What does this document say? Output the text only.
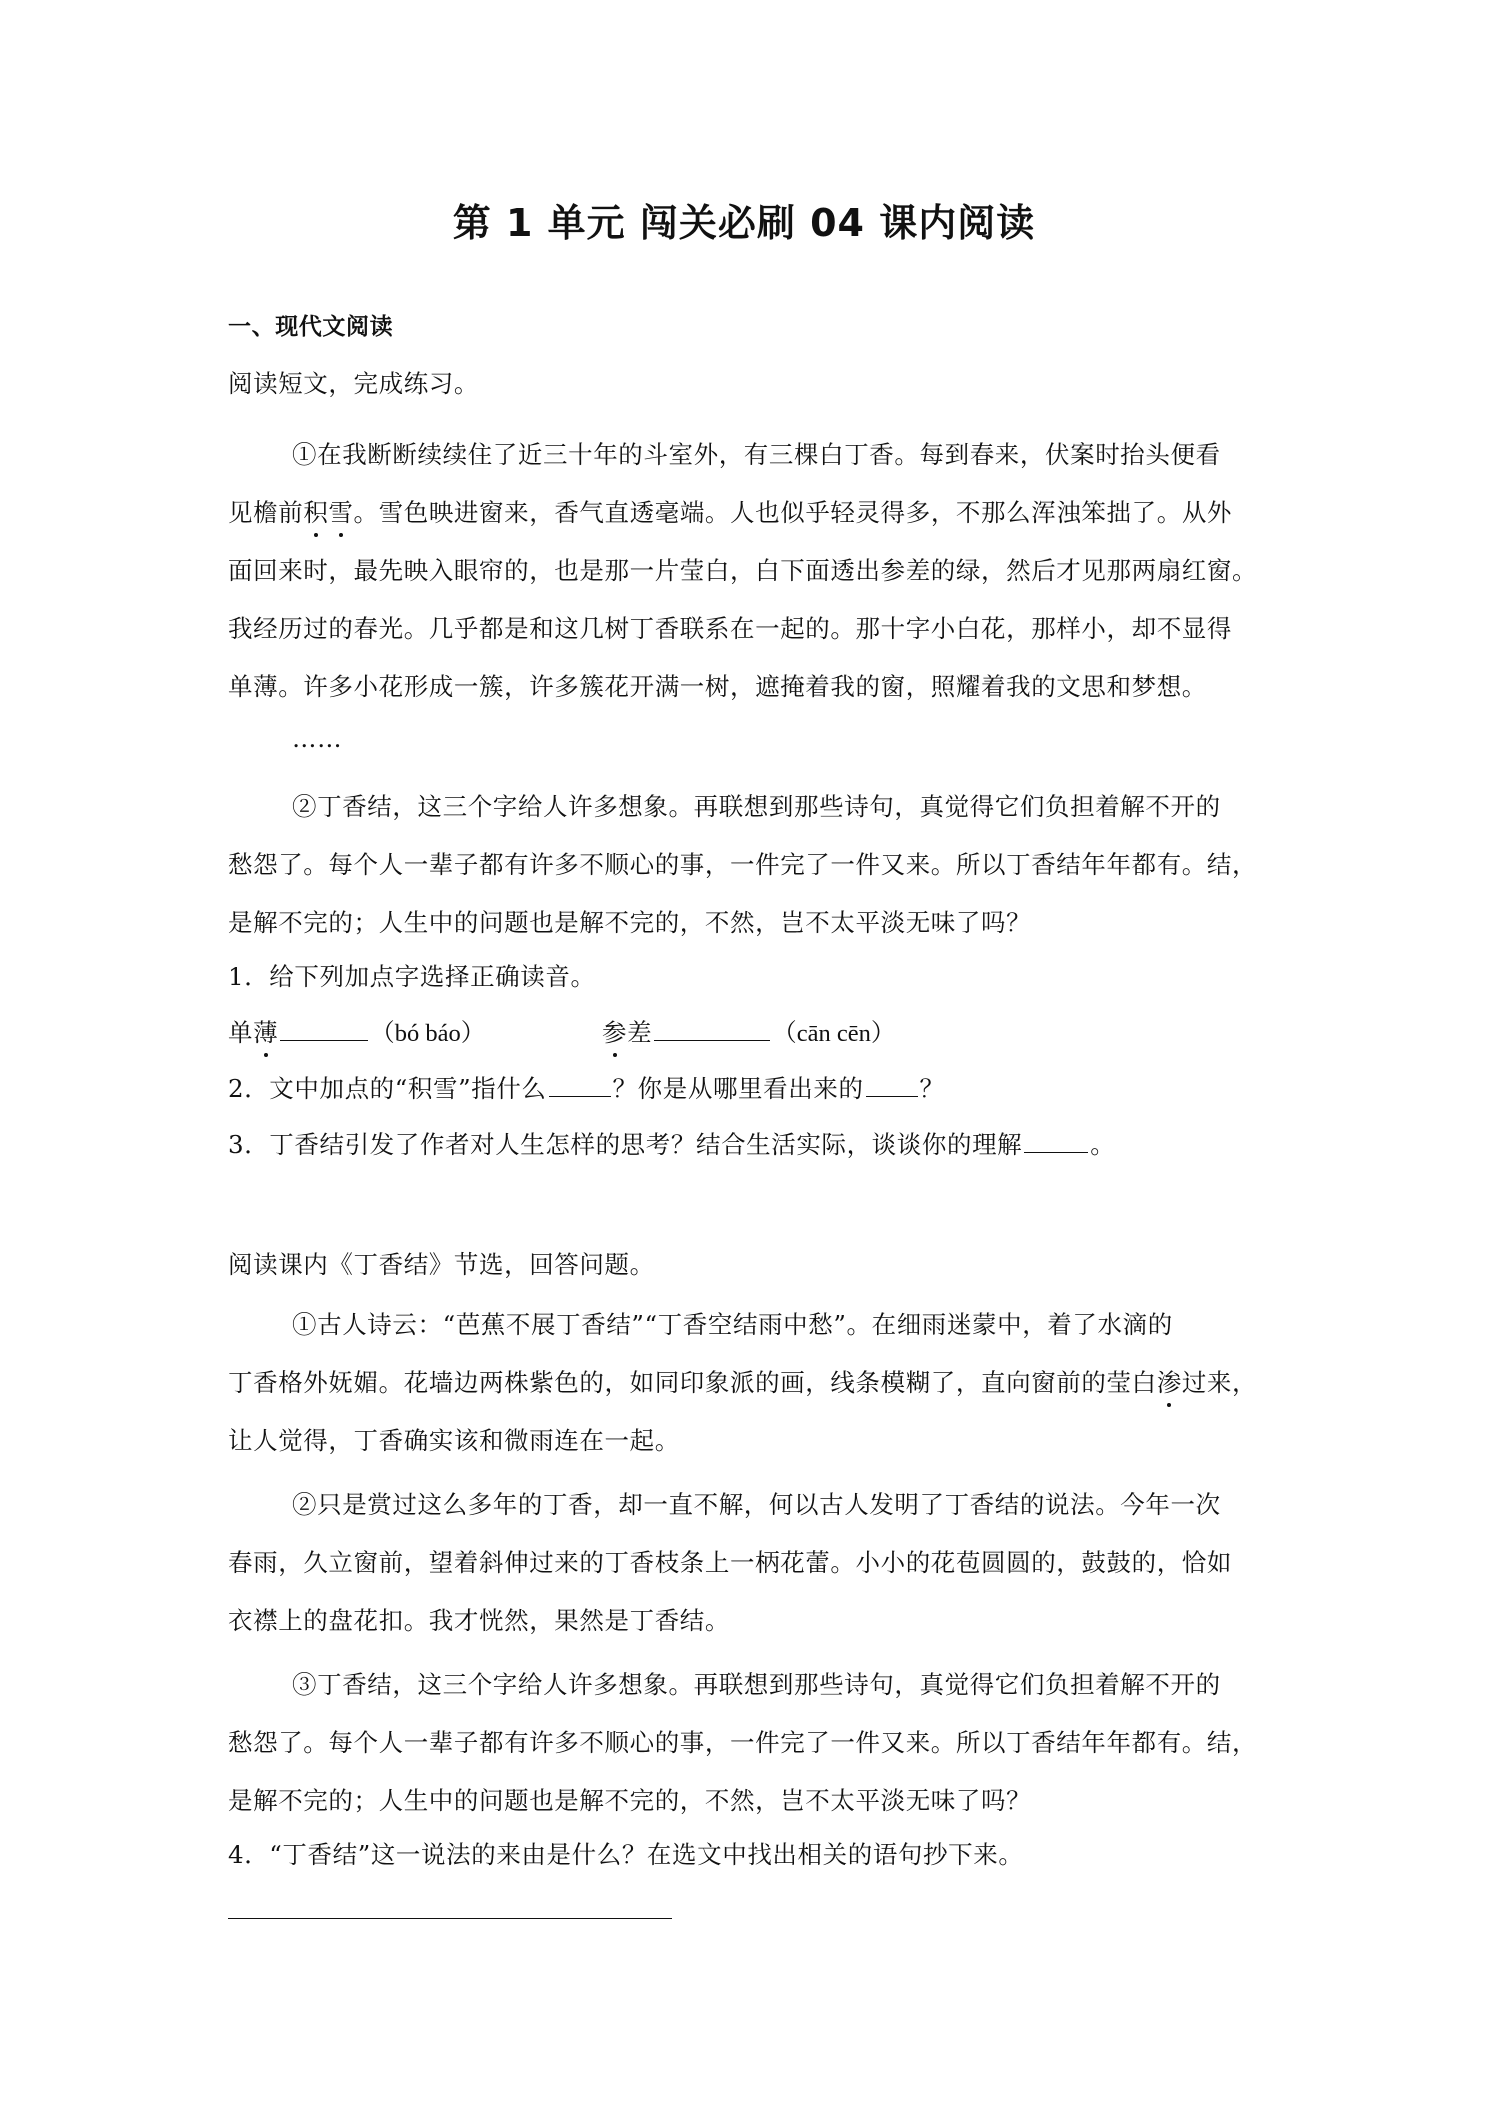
第 1 单元 闯关必刷 04 课内阅读
一、现代文阅读
阅读短文，完成练习。
①在我断断续续住了近三十年的斗室外，有三棵白丁香。每到春来，伏案时抬头便看
见檐前积雪。雪色映进窗来，香气直透毫端。人也似乎轻灵得多，不那么浑浊笨拙了。从外
面回来时，最先映入眼帘的，也是那一片莹白，白下面透出参差的绿，然后才见那两扇红窗。
我经历过的春光。几乎都是和这几树丁香联系在一起的。那十字小白花，那样小，却不显得
单薄。许多小花形成一簇，许多簇花开满一树，遮掩着我的窗，照耀着我的文思和梦想。
……
②丁香结，这三个字给人许多想象。再联想到那些诗句，真觉得它们负担着解不开的
愁怨了。每个人一辈子都有许多不顺心的事，一件完了一件又来。所以丁香结年年都有。结，
是解不完的；人生中的问题也是解不完的，不然，岂不太平淡无味了吗？
1．给下列加点字选择正确读音。
单薄	（bó báo）	参差	（cān cēn）
2．文中加点的“积雪”指什么	？你是从哪里看出来的 ？
3．丁香结引发了作者对人生怎样的思考？结合生活实际，谈谈你的理解	。
阅读课内《丁香结》节选，回答问题。
①古人诗云：“芭蕉不展丁香结”“丁香空结雨中愁”。在细雨迷蒙中，着了水滴的
丁香格外妩媚。花墙边两株紫色的，如同印象派的画，线条模糊了，直向窗前的莹白渗过来，
让人觉得，丁香确实该和微雨连在一起。
②只是赏过这么多年的丁香，却一直不解，何以古人发明了丁香结的说法。今年一次
春雨，久立窗前，望着斜伸过来的丁香枝条上一柄花蕾。小小的花苞圆圆的，鼓鼓的，恰如
衣襟上的盘花扣。我才恍然，果然是丁香结。
③丁香结，这三个字给人许多想象。再联想到那些诗句，真觉得它们负担着解不开的
愁怨了。每个人一辈子都有许多不顺心的事，一件完了一件又来。所以丁香结年年都有。结，
是解不完的；人生中的问题也是解不完的，不然，岂不太平淡无味了吗？
4．“丁香结”这一说法的来由是什么？在选文中找出相关的语句抄下来。
